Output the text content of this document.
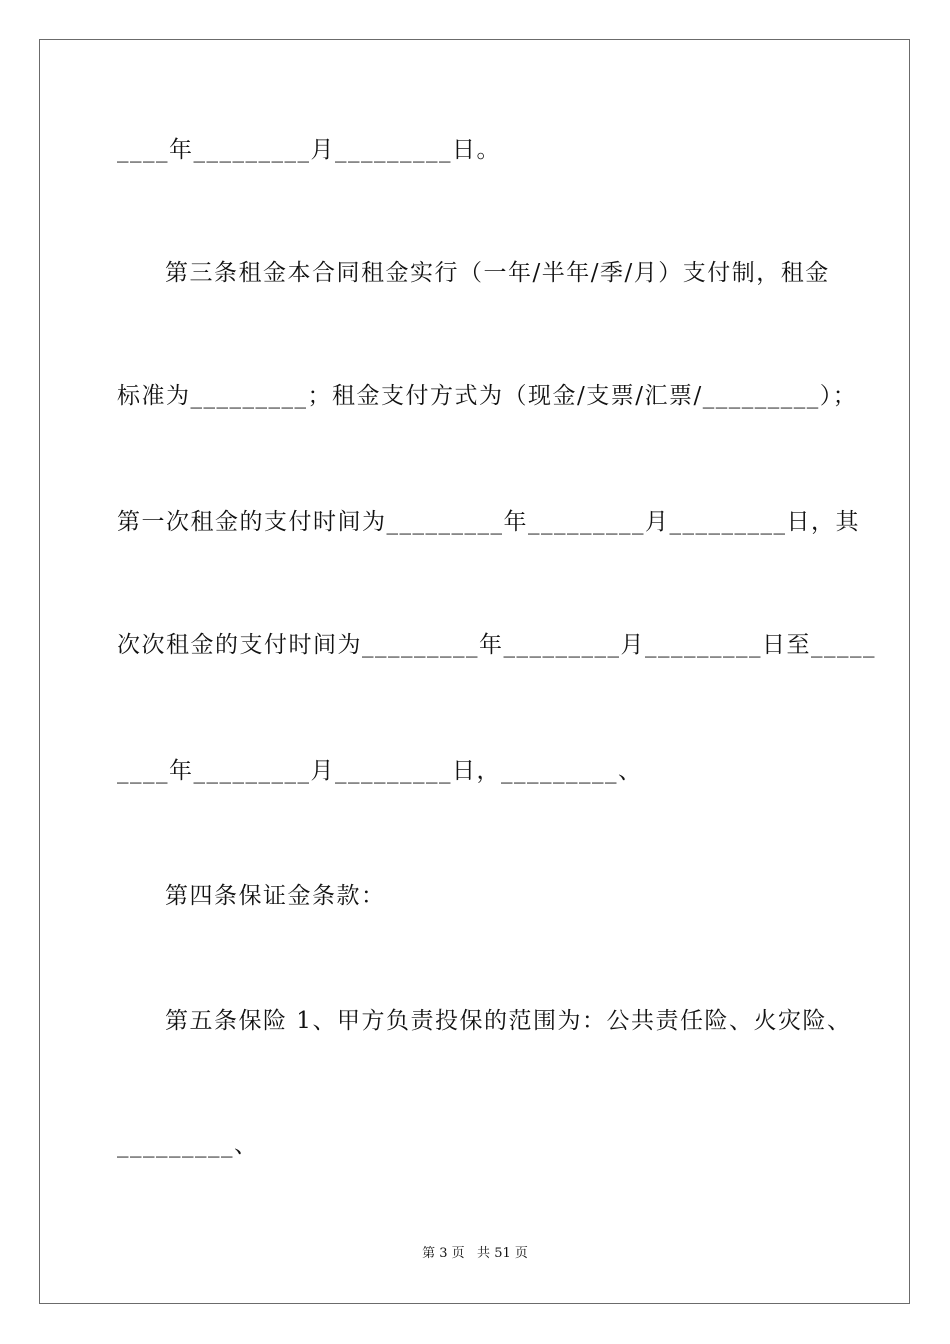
____年_________月_________日。
第三条租金本合同租金实行（一年/半年/季/月）支付制，租金
标准为_________；租金支付方式为（现金/支票/汇票/_________）；
第一次租金的支付时间为_________年_________月_________日，其
次次租金的支付时间为_________年_________月_________日至_____
____年_________月_________日，_________、
第四条保证金条款：
第五条保险 1、甲方负责投保的范围为：公共责任险、火灾险、
_________、
第 3 页   共 51 页
